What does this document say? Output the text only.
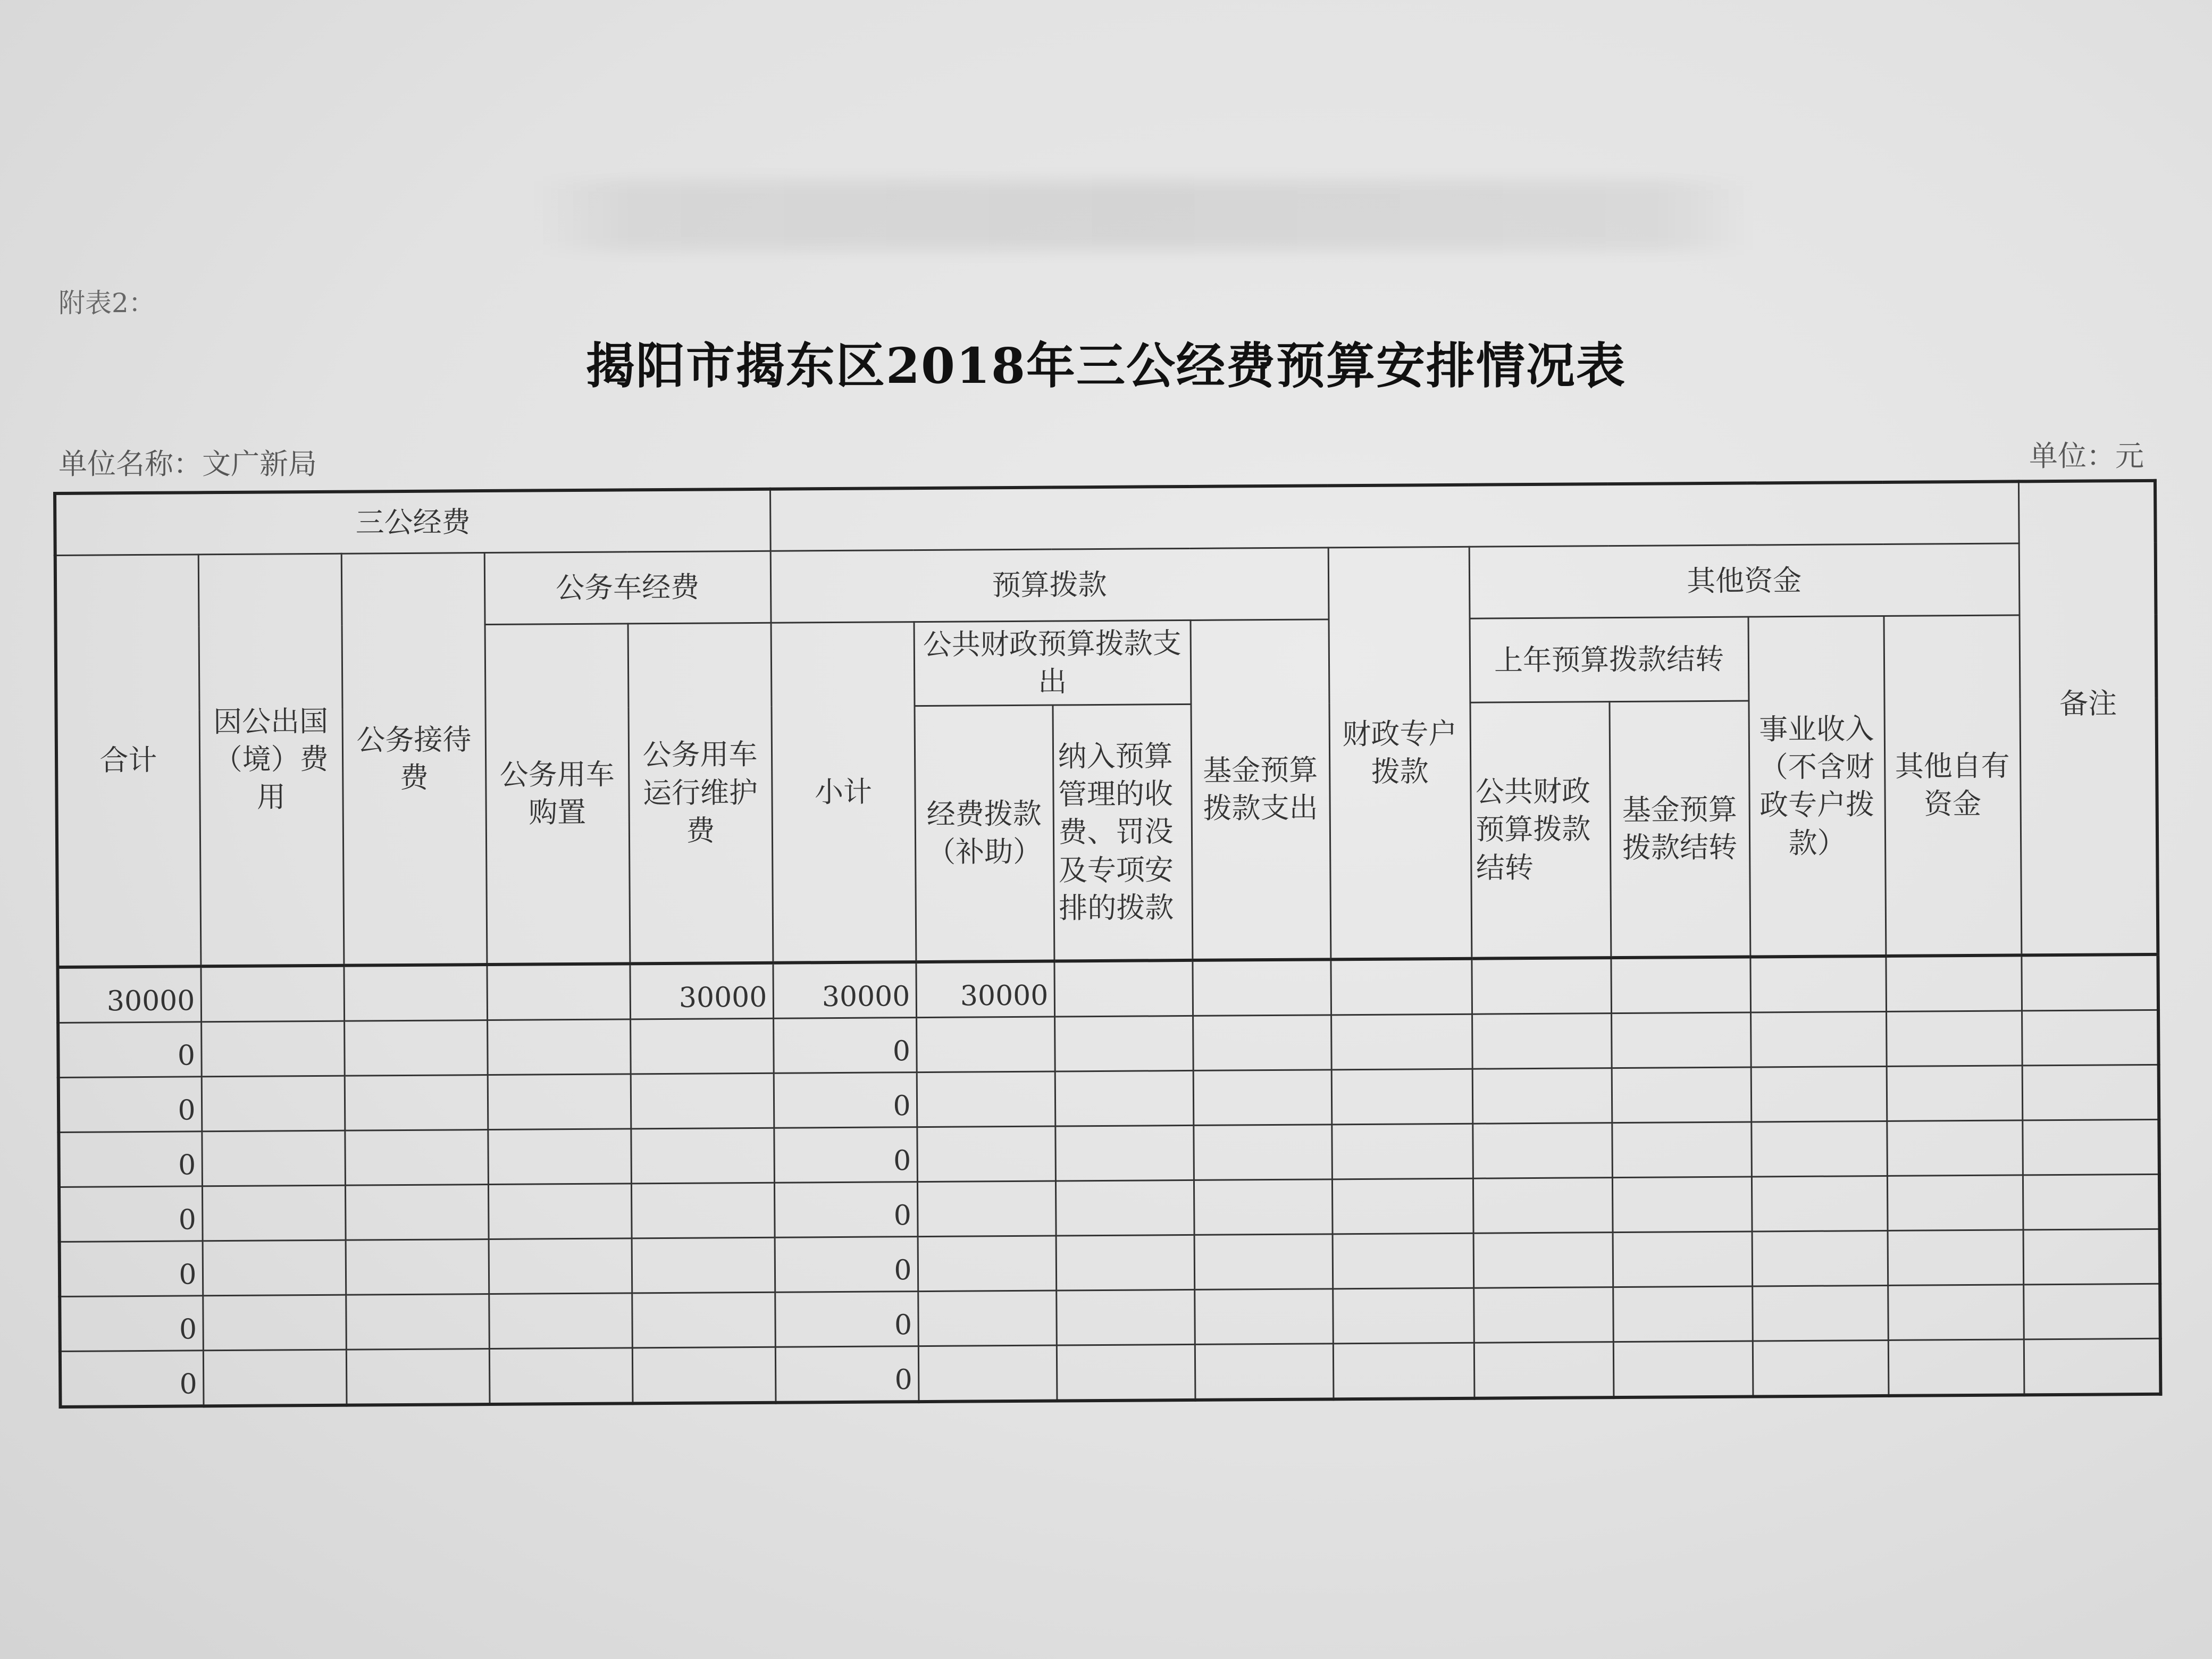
附表2：
揭阳市揭东区2018年三公经费预算安排情况表
单位名称：文广新局	单位：元
三公经费														备注	
合计	因公出国（境）费用	公务接待费	公务车经费		预算拨款				财政专户拨款	其他资金					
			公务用车购置	公务用车运行维护费	小计	公共财政预算拨款支出		基金预算拨款支出		上年预算拨款结转		事业收入（不含财政专户拨款）	其他自有资金		
						经费拨款（补助）	纳入预算管理的收费、罚没及专项安排的拨款			公共财政预算拨款结转	基金预算拨款结转				
30000				30000	30000	30000									
0					0										
0					0										
0					0										
0					0										
0					0										
0					0										
0					0										
